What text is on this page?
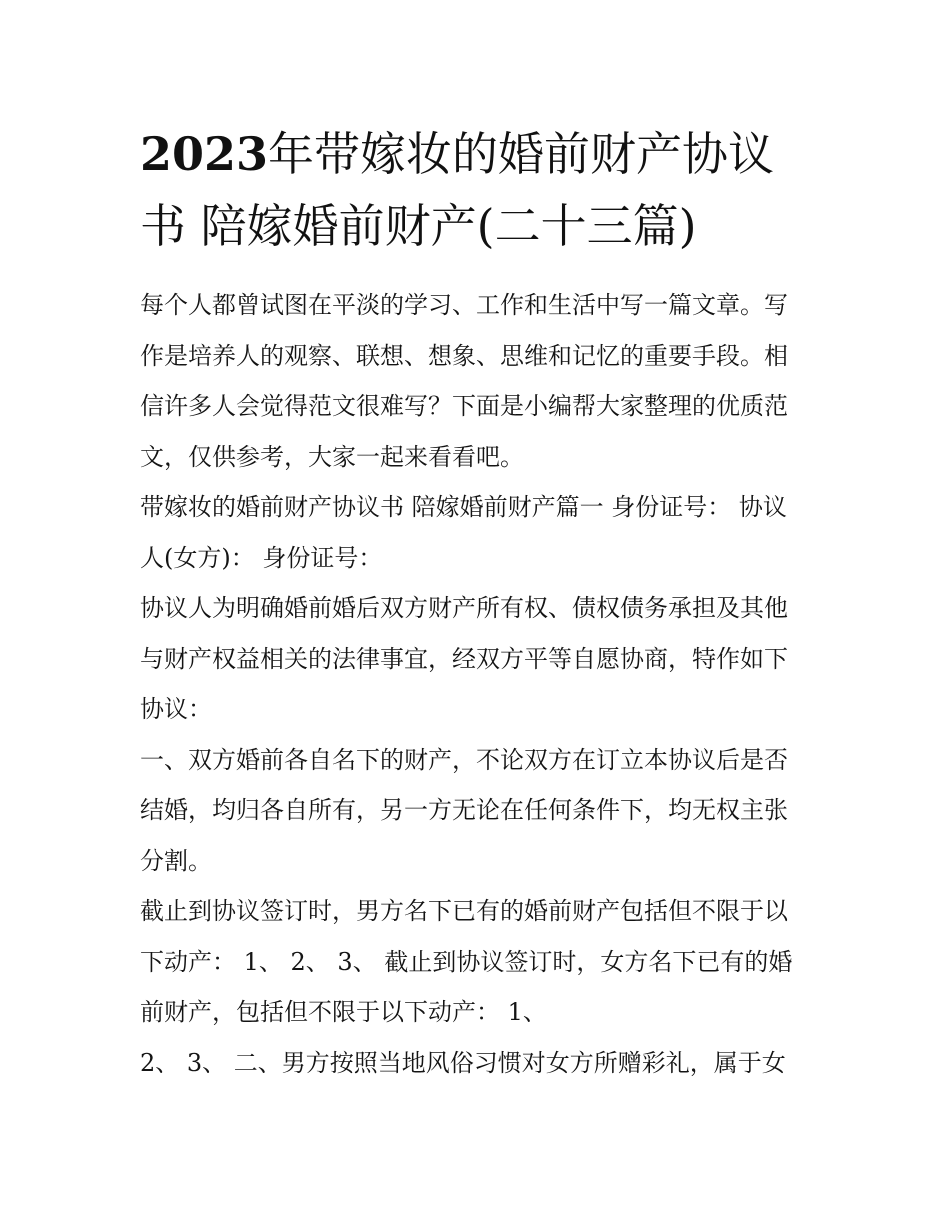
2023年带嫁妆的婚前财产协议
书 陪嫁婚前财产(二十三篇)
每个人都曾试图在平淡的学习、工作和生活中写一篇文章。写
作是培养人的观察、联想、想象、思维和记忆的重要手段。相
信许多人会觉得范文很难写？下面是小编帮大家整理的优质范
文，仅供参考，大家一起来看看吧。
带嫁妆的婚前财产协议书 陪嫁婚前财产篇一 身份证号： 协议
人(女方)： 身份证号：
协议人为明确婚前婚后双方财产所有权、债权债务承担及其他
与财产权益相关的法律事宜，经双方平等自愿协商，特作如下
协议：
一、双方婚前各自名下的财产，不论双方在订立本协议后是否
结婚，均归各自所有，另一方无论在任何条件下，均无权主张
分割。
截止到协议签订时，男方名下已有的婚前财产包括但不限于以
下动产： 1、 2、 3、 截止到协议签订时，女方名下已有的婚
前财产，包括但不限于以下动产： 1、
2、 3、 二、男方按照当地风俗习惯对女方所赠彩礼，属于女
